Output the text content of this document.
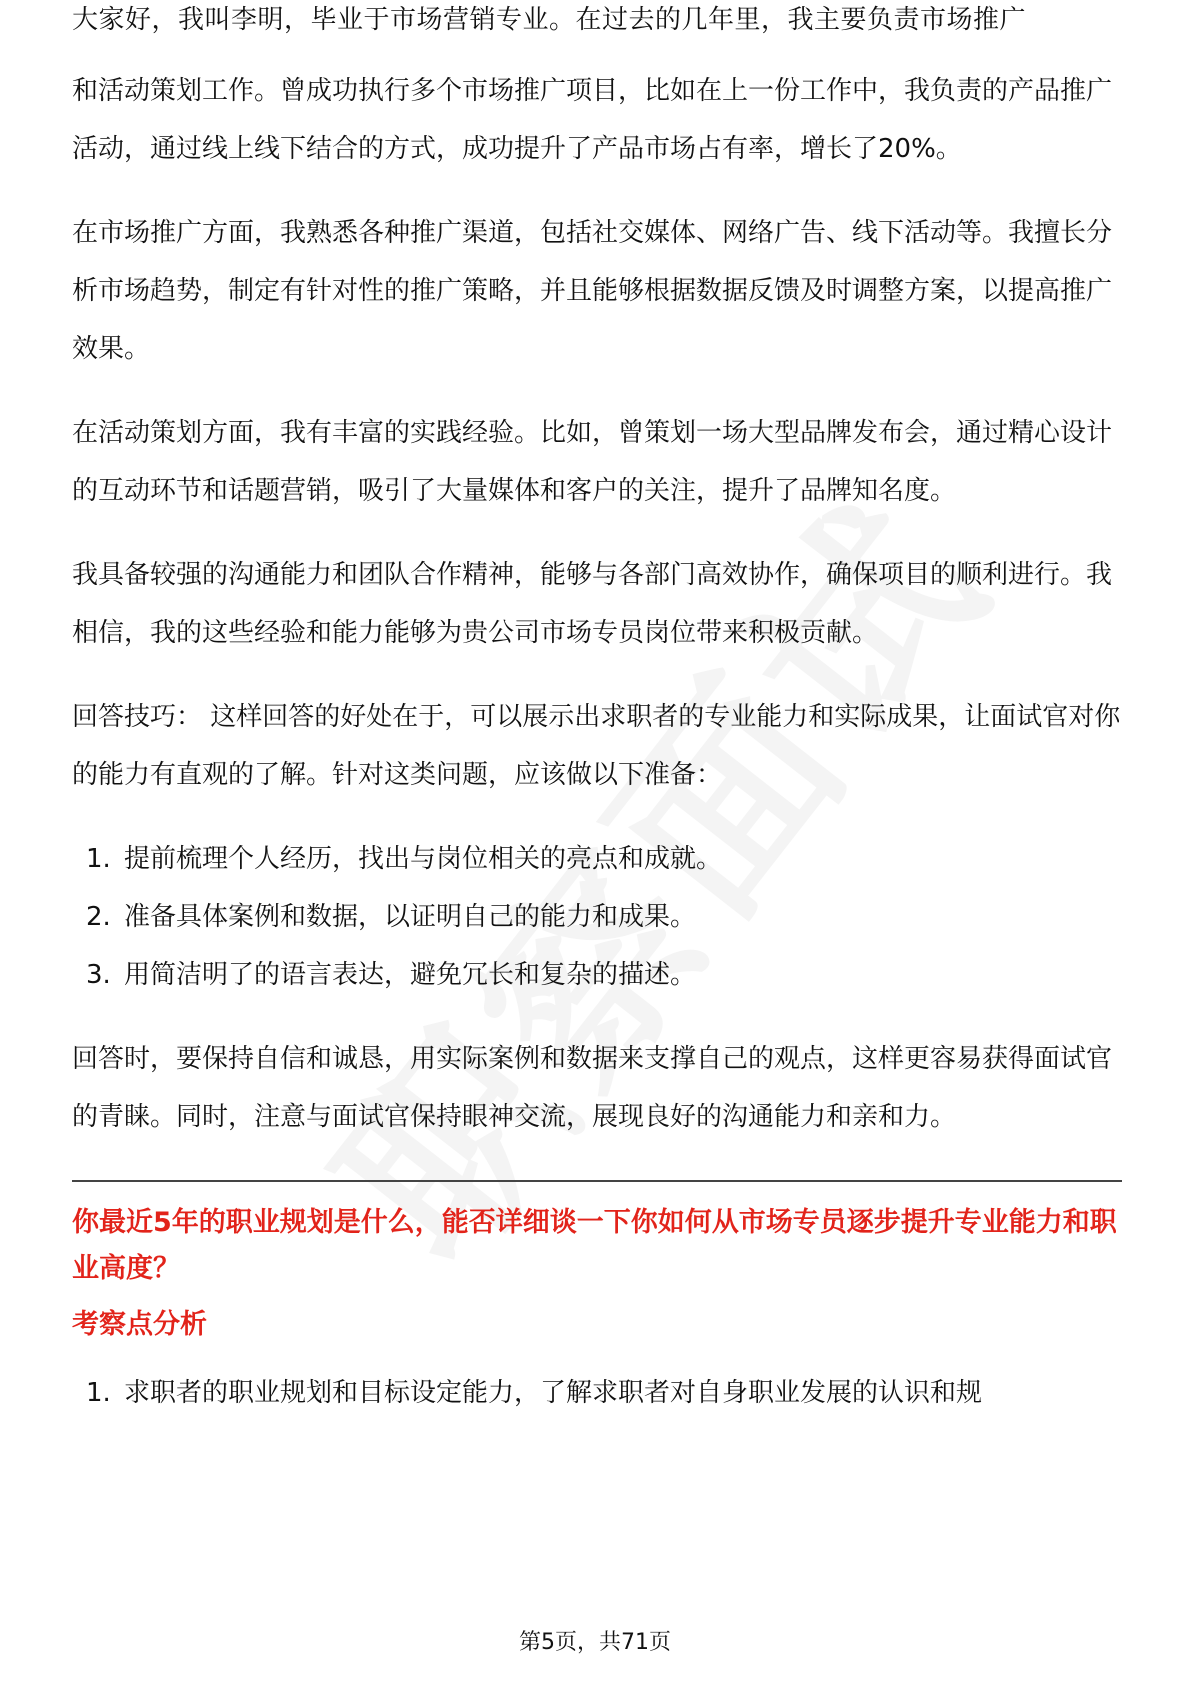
大家好，我叫李明，毕业于市场营销专业。在过去的几年里，我主要负责市场推广

和活动策划工作。曾成功执行多个市场推广项目，比如在上一份工作中，我负责的产品推广活动，通过线上线下结合的方式，成功提升了产品市场占有率，增长了20%。

在市场推广方面，我熟悉各种推广渠道，包括社交媒体、网络广告、线下活动等。我擅长分析市场趋势，制定有针对性的推广策略，并且能够根据数据反馈及时调整方案，以提高推广效果。

在活动策划方面，我有丰富的实践经验。比如，曾策划一场大型品牌发布会，通过精心设计的互动环节和话题营销，吸引了大量媒体和客户的关注，提升了品牌知名度。

我具备较强的沟通能力和团队合作精神，能够与各部门高效协作，确保项目的顺利进行。我相信，我的这些经验和能力能够为贵公司市场专员岗位带来积极贡献。

回答技巧： 这样回答的好处在于，可以展示出求职者的专业能力和实际成果，让面试官对你的能力有直观的了解。针对这类问题，应该做以下准备：

1. 提前梳理个人经历，找出与岗位相关的亮点和成就。
2. 准备具体案例和数据，以证明自己的能力和成果。
3. 用简洁明了的语言表达，避免冗长和复杂的描述。

回答时，要保持自信和诚恳，用实际案例和数据来支撑自己的观点，这样更容易获得面试官的青睐。同时，注意与面试官保持眼神交流，展现良好的沟通能力和亲和力。

你最近5年的职业规划是什么，能否详细谈一下你如何从市场专员逐步提升专业能力和职业高度？
考察点分析
1. 求职者的职业规划和目标设定能力，了解求职者对自身职业发展的认识和规
第5页，共71页
